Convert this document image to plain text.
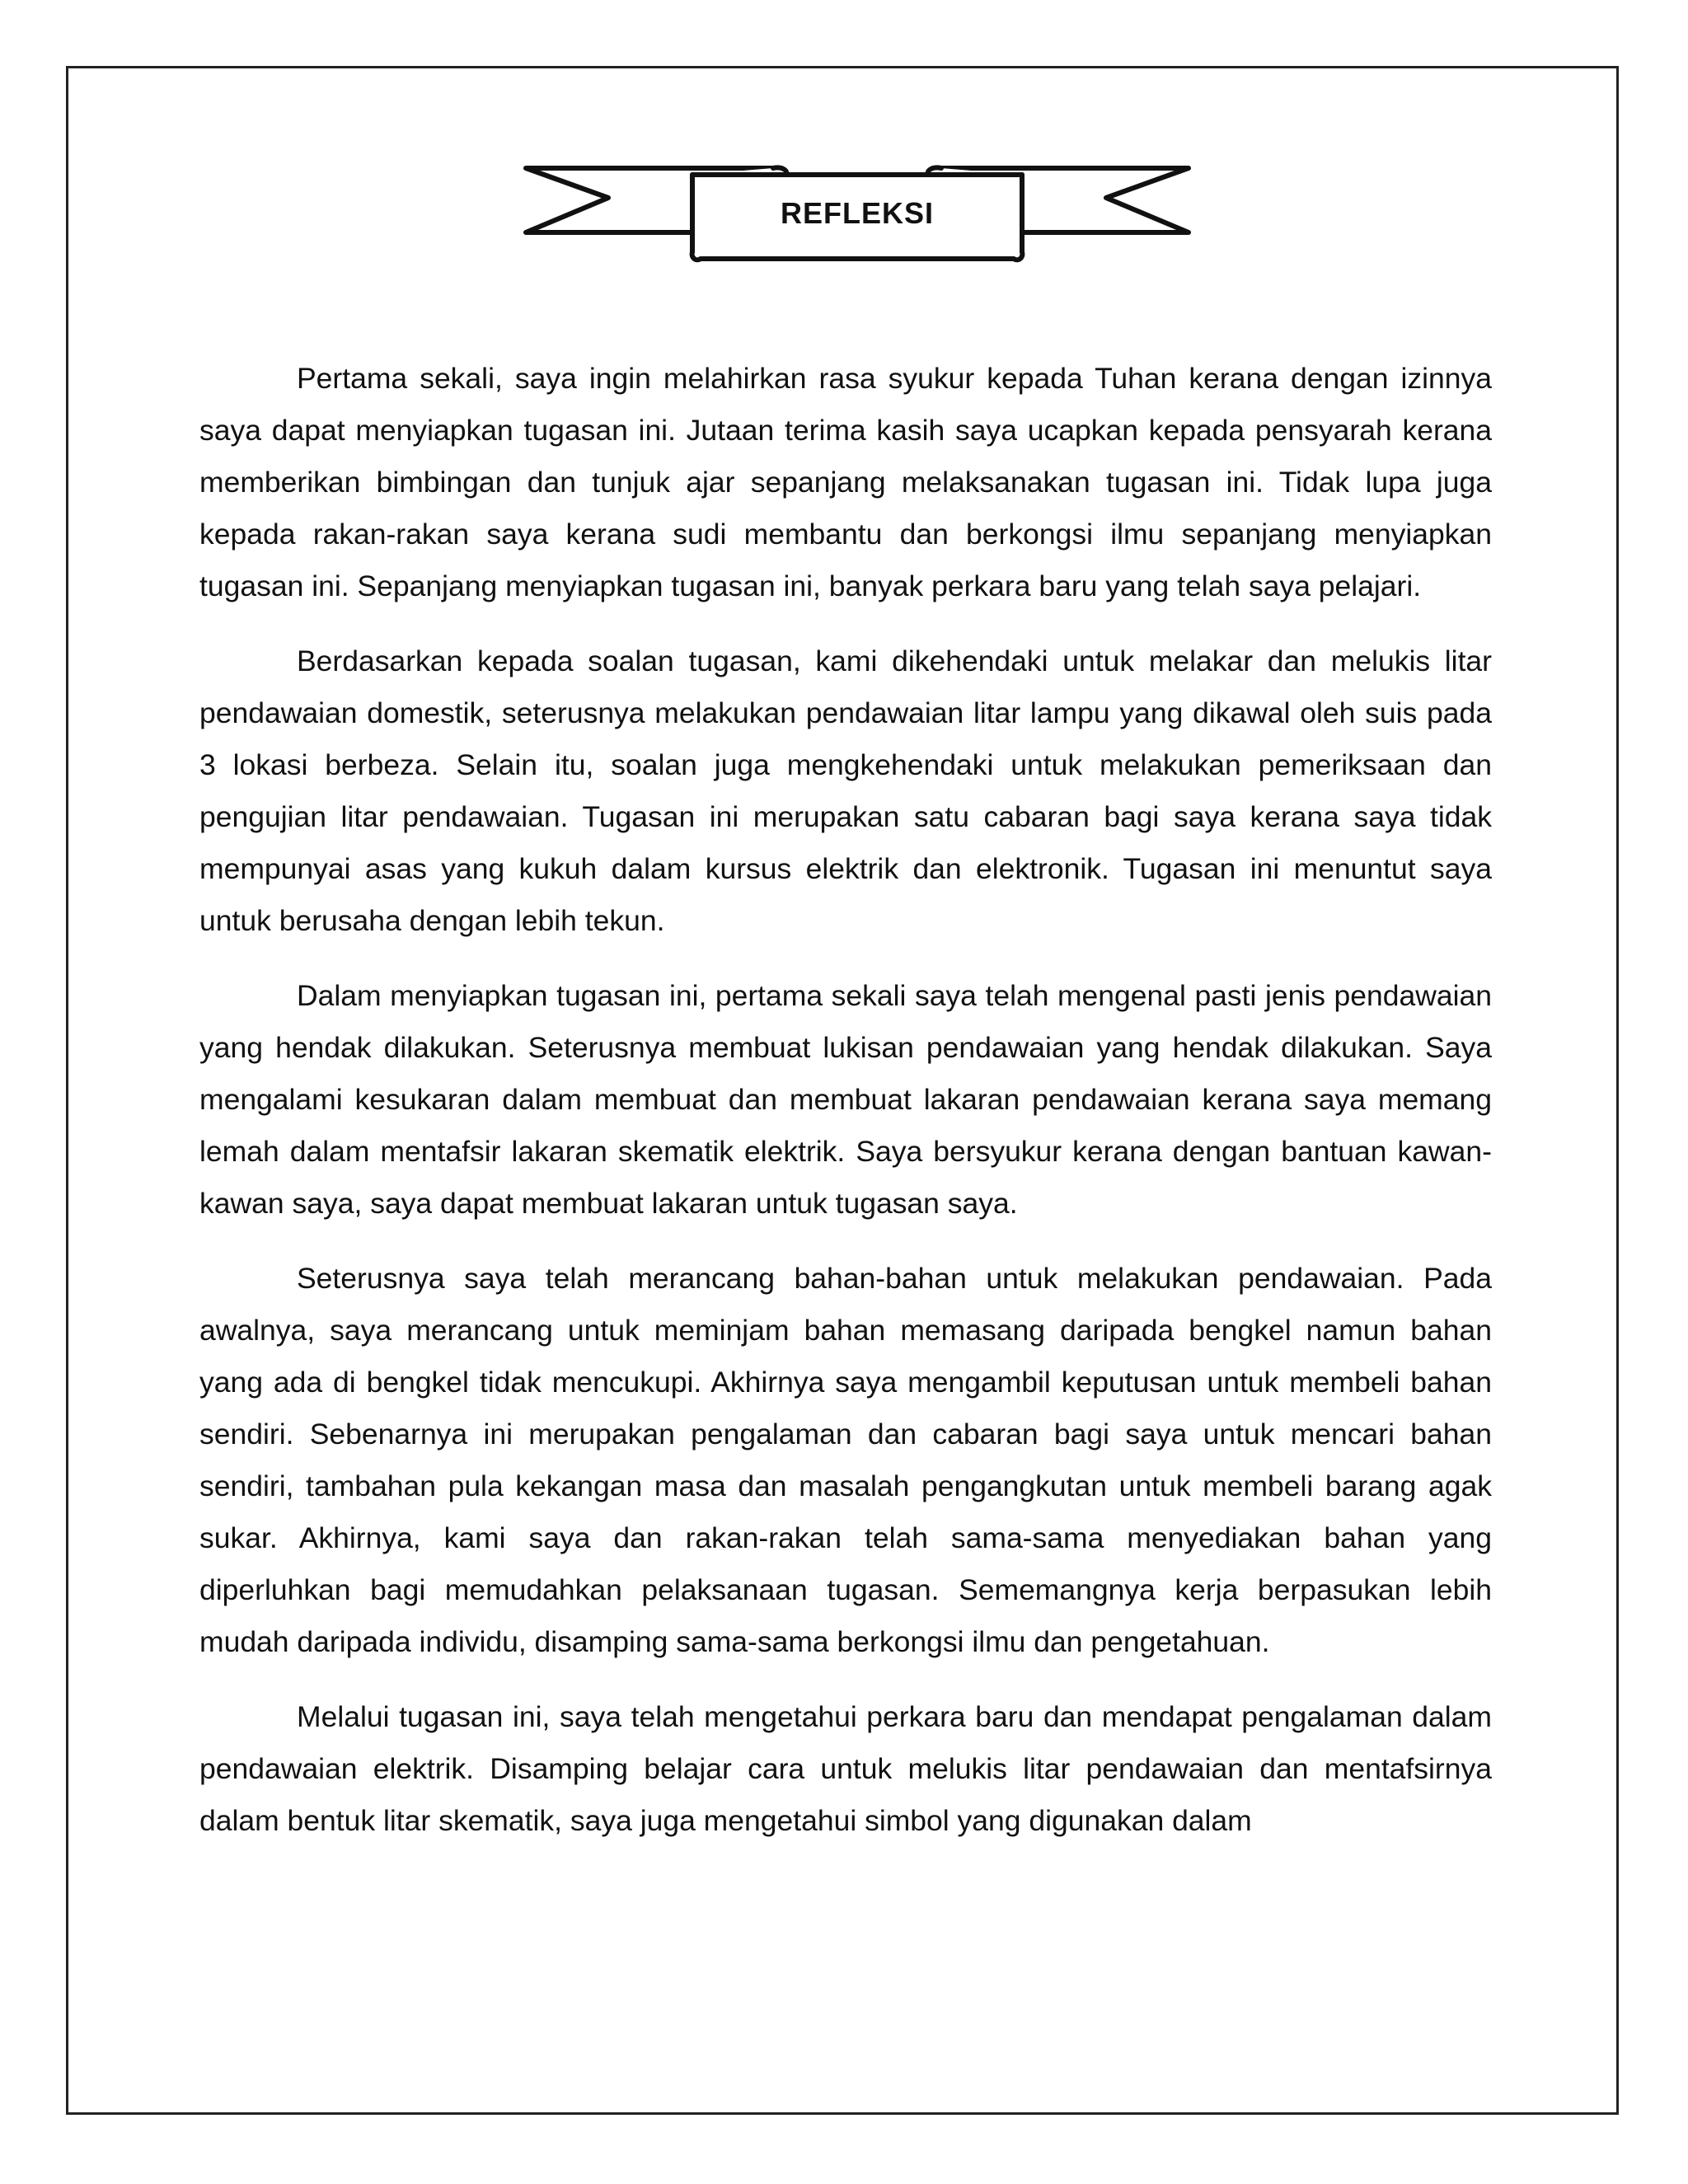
REFLEKSI

Pertama sekali, saya ingin melahirkan rasa syukur kepada Tuhan kerana dengan izinnya saya dapat menyiapkan tugasan ini. Jutaan terima kasih saya ucapkan kepada pensyarah kerana memberikan bimbingan dan tunjuk ajar sepanjang melaksanakan tugasan ini. Tidak lupa juga kepada rakan-rakan saya kerana sudi membantu dan berkongsi ilmu sepanjang menyiapkan tugasan ini. Sepanjang menyiapkan tugasan ini, banyak perkara baru yang telah saya pelajari.

Berdasarkan kepada soalan tugasan, kami dikehendaki untuk melakar dan melukis litar pendawaian domestik, seterusnya melakukan pendawaian litar lampu yang dikawal oleh suis pada 3 lokasi berbeza. Selain itu, soalan juga mengkehendaki untuk melakukan pemeriksaan dan pengujian litar pendawaian. Tugasan ini merupakan satu cabaran bagi saya kerana saya tidak mempunyai asas yang kukuh dalam kursus elektrik dan elektronik. Tugasan ini menuntut saya untuk berusaha dengan lebih tekun.

Dalam menyiapkan tugasan ini, pertama sekali saya telah mengenal pasti jenis pendawaian yang hendak dilakukan. Seterusnya membuat lukisan pendawaian yang hendak dilakukan. Saya mengalami kesukaran dalam membuat dan membuat lakaran pendawaian kerana saya memang lemah dalam mentafsir lakaran skematik elektrik. Saya bersyukur kerana dengan bantuan kawan-kawan saya, saya dapat membuat lakaran untuk tugasan saya.

Seterusnya saya telah merancang bahan-bahan untuk melakukan pendawaian. Pada awalnya, saya merancang untuk meminjam bahan memasang daripada bengkel namun bahan yang ada di bengkel tidak mencukupi. Akhirnya saya mengambil keputusan untuk membeli bahan sendiri. Sebenarnya ini merupakan pengalaman dan cabaran bagi saya untuk mencari bahan sendiri, tambahan pula kekangan masa dan masalah pengangkutan untuk membeli barang agak sukar. Akhirnya, kami saya dan rakan-rakan telah sama-sama menyediakan bahan yang diperluhkan bagi memudahkan pelaksanaan tugasan. Sememangnya kerja berpasukan lebih mudah daripada individu, disamping sama-sama berkongsi ilmu dan pengetahuan.

Melalui tugasan ini, saya telah mengetahui perkara baru dan mendapat pengalaman dalam pendawaian elektrik. Disamping belajar cara untuk melukis litar pendawaian dan mentafsirnya dalam bentuk litar skematik, saya juga mengetahui simbol yang digunakan dalam
